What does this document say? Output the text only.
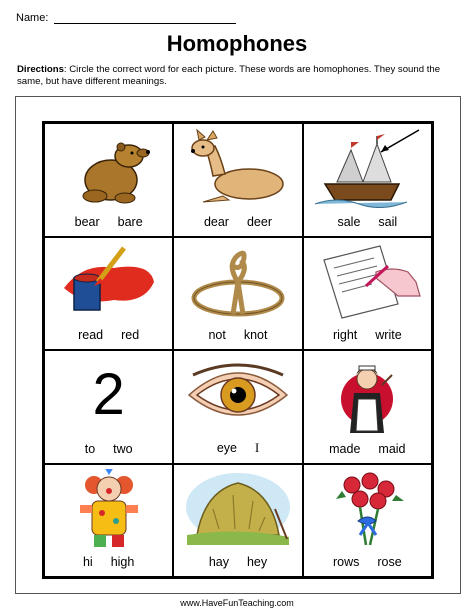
Name:
Homophones
Directions: Circle the correct word for each picture. These words are homophones. They sound the same, but have different meanings.
bear bare	dear deer	sale sail
read red	not knot	right write
2
to two	eye I	made maid
hi high	hay hey	rows rose
www.HaveFunTeaching.com
